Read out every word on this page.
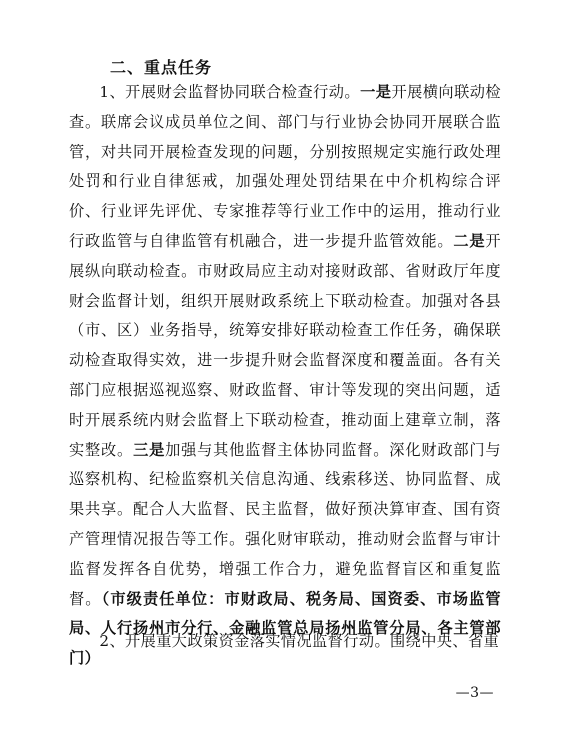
二、重点任务
1、开展财会监督协同联合检查行动。一是开展横向联动检查。联席会议成员单位之间、部门与行业协会协同开展联合监管，对共同开展检查发现的问题，分别按照规定实施行政处理处罚和行业自律惩戒，加强处理处罚结果在中介机构综合评价、行业评先评优、专家推荐等行业工作中的运用，推动行业行政监管与自律监管有机融合，进一步提升监管效能。二是开展纵向联动检查。市财政局应主动对接财政部、省财政厅年度财会监督计划，组织开展财政系统上下联动检查。加强对各县（市、区）业务指导，统筹安排好联动检查工作任务，确保联动检查取得实效，进一步提升财会监督深度和覆盖面。各有关部门应根据巡视巡察、财政监督、审计等发现的突出问题，适时开展系统内财会监督上下联动检查，推动面上建章立制，落实整改。三是加强与其他监督主体协同监督。深化财政部门与巡察机构、纪检监察机关信息沟通、线索移送、协同监督、成果共享。配合人大监督、民主监督，做好预决算审查、国有资产管理情况报告等工作。强化财审联动，推动财会监督与审计监督发挥各自优势，增强工作合力，避免监督盲区和重复监督。（市级责任单位：市财政局、税务局、国资委、市场监管局、人行扬州市分行、金融监管总局扬州监管分局、各主管部门）
2、开展重大政策资金落实情况监督行动。围绕中央、省重
—3—
